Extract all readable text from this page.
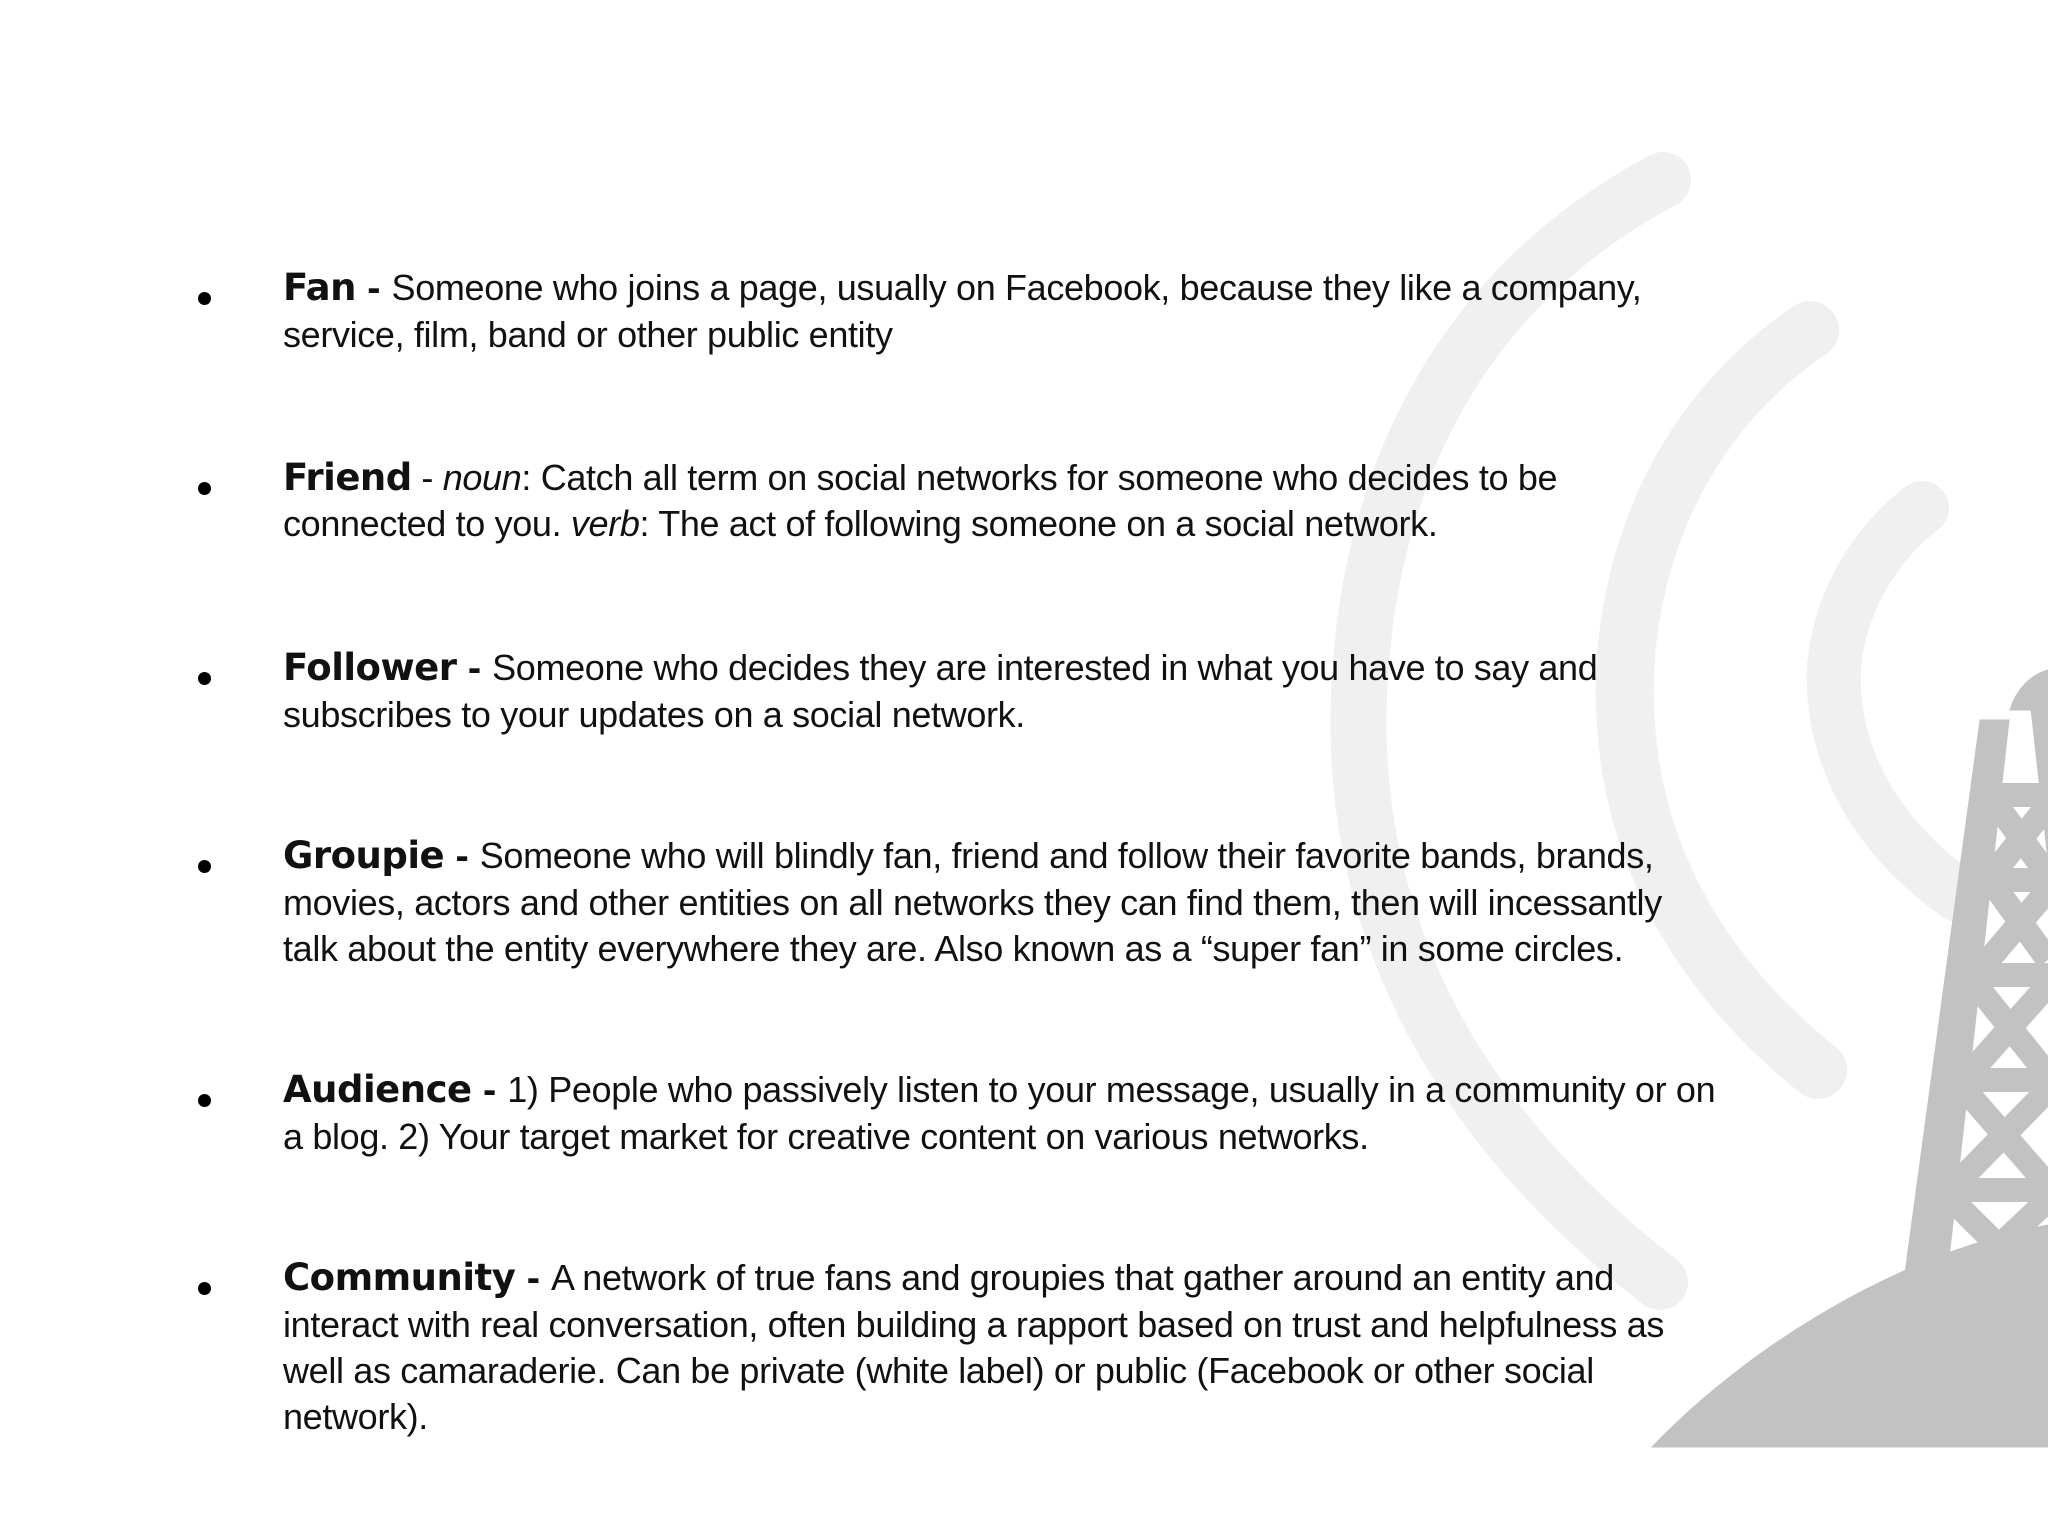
Fan - Someone who joins a page, usually on Facebook, because they like a company,
service, film, band or other public entity
Friend - noun: Catch all term on social networks for someone who decides to be
connected to you. verb: The act of following someone on a social network.
Follower - Someone who decides they are interested in what you have to say and
subscribes to your updates on a social network.
Groupie - Someone who will blindly fan, friend and follow their favorite bands, brands,
movies, actors and other entities on all networks they can find them, then will incessantly
talk about the entity everywhere they are. Also known as a “super fan” in some circles.
Audience - 1) People who passively listen to your message, usually in a community or on
a blog. 2) Your target market for creative content on various networks.
Community - A network of true fans and groupies that gather around an entity and
interact with real conversation, often building a rapport based on trust and helpfulness as
well as camaraderie. Can be private (white label) or public (Facebook or other social
network).
